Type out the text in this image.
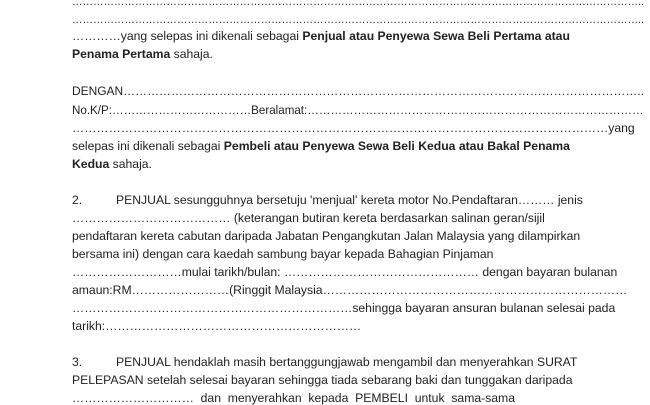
………………………………………………………………………………………………………………………………………………..
………………………………………………………………………………………………………………………………………………..
…………yang selepas ini dikenali sebagai Penjual atau Penyewa Sewa Beli Pertama atau
Penama Pertama sahaja.
DENGAN…………………………………………………………………………………………………………………..
No.K/P:………………………………Beralamat:……………………………………………………………………………
……………………………………………………………………………………………………………………yang
selepas ini dikenali sebagai Pembeli atau Penyewa Sewa Beli Kedua atau Bakal Penama
Kedua sahaja.
2.	PENJUAL sesungguhnya bersetuju 'menjual' kereta motor No.Pendaftaran……… jenis
………………………………… (keterangan butiran kereta berdasarkan salinan geran/sijil
pendaftaran kereta cabutan daripada Jabatan Pengangkutan Jalan Malaysia yang dilampirkan
bersama ini) dengan cara kaedah sambung bayar kepada Bahagian Pinjaman
………………………mulai tarikh/bulan: ………………………………………… dengan bayaran bulanan
amaun:RM……………………(Ringgit Malaysia…………………………………………………………………
……………………………………………………………sehingga bayaran ansuran bulanan selesai pada
tarikh:………………………………………………………
3.	PENJUAL hendaklah masih bertanggungjawab mengambil dan menyerahkan SURAT
PELEPASAN setelah selesai bayaran sehingga tiada sebarang baki dan tunggakan daripada
…………………………  dan  menyerahkan  kepada  PEMBELI  untuk  sama-sama
